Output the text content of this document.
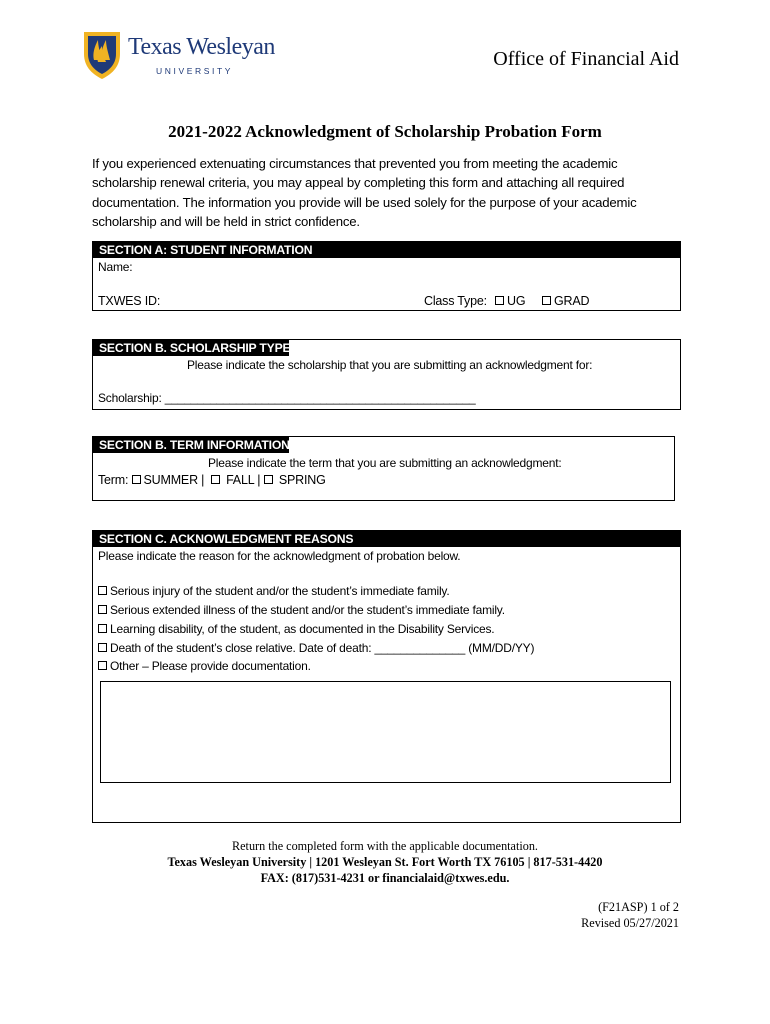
Texas Wesleyan
UNIVERSITY
Office of Financial Aid
2021-2022 Acknowledgment of Scholarship Probation Form
If you experienced extenuating circumstances that prevented you from meeting the academic scholarship renewal criteria, you may appeal by completing this form and attaching all required documentation. The information you provide will be used solely for the purpose of your academic scholarship and will be held in strict confidence.
SECTION A: STUDENT INFORMATION
Name:
TXWES ID:	Class Type:	UG	GRAD
SECTION B. SCHOLARSHIP TYPE
Please indicate the scholarship that you are submitting an acknowledgment for:
Scholarship: ________________________________________________
SECTION B. TERM INFORMATION
Please indicate the term that you are submitting an acknowledgment:
Term: SUMMER | FALL | SPRING
SECTION C. ACKNOWLEDGMENT REASONS
Please indicate the reason for the acknowledgment of probation below.
Serious injury of the student and/or the student’s immediate family.
Serious extended illness of the student and/or the student’s immediate family.
Learning disability, of the student, as documented in the Disability Services.
Death of the student’s close relative. Date of death: ______________ (MM/DD/YY)
Other – Please provide documentation.
Return the completed form with the applicable documentation.
Texas Wesleyan University | 1201 Wesleyan St. Fort Worth TX 76105 | 817-531-4420
FAX: (817)531-4231 or financialaid@txwes.edu.
(F21ASP) 1 of 2
Revised 05/27/2021
